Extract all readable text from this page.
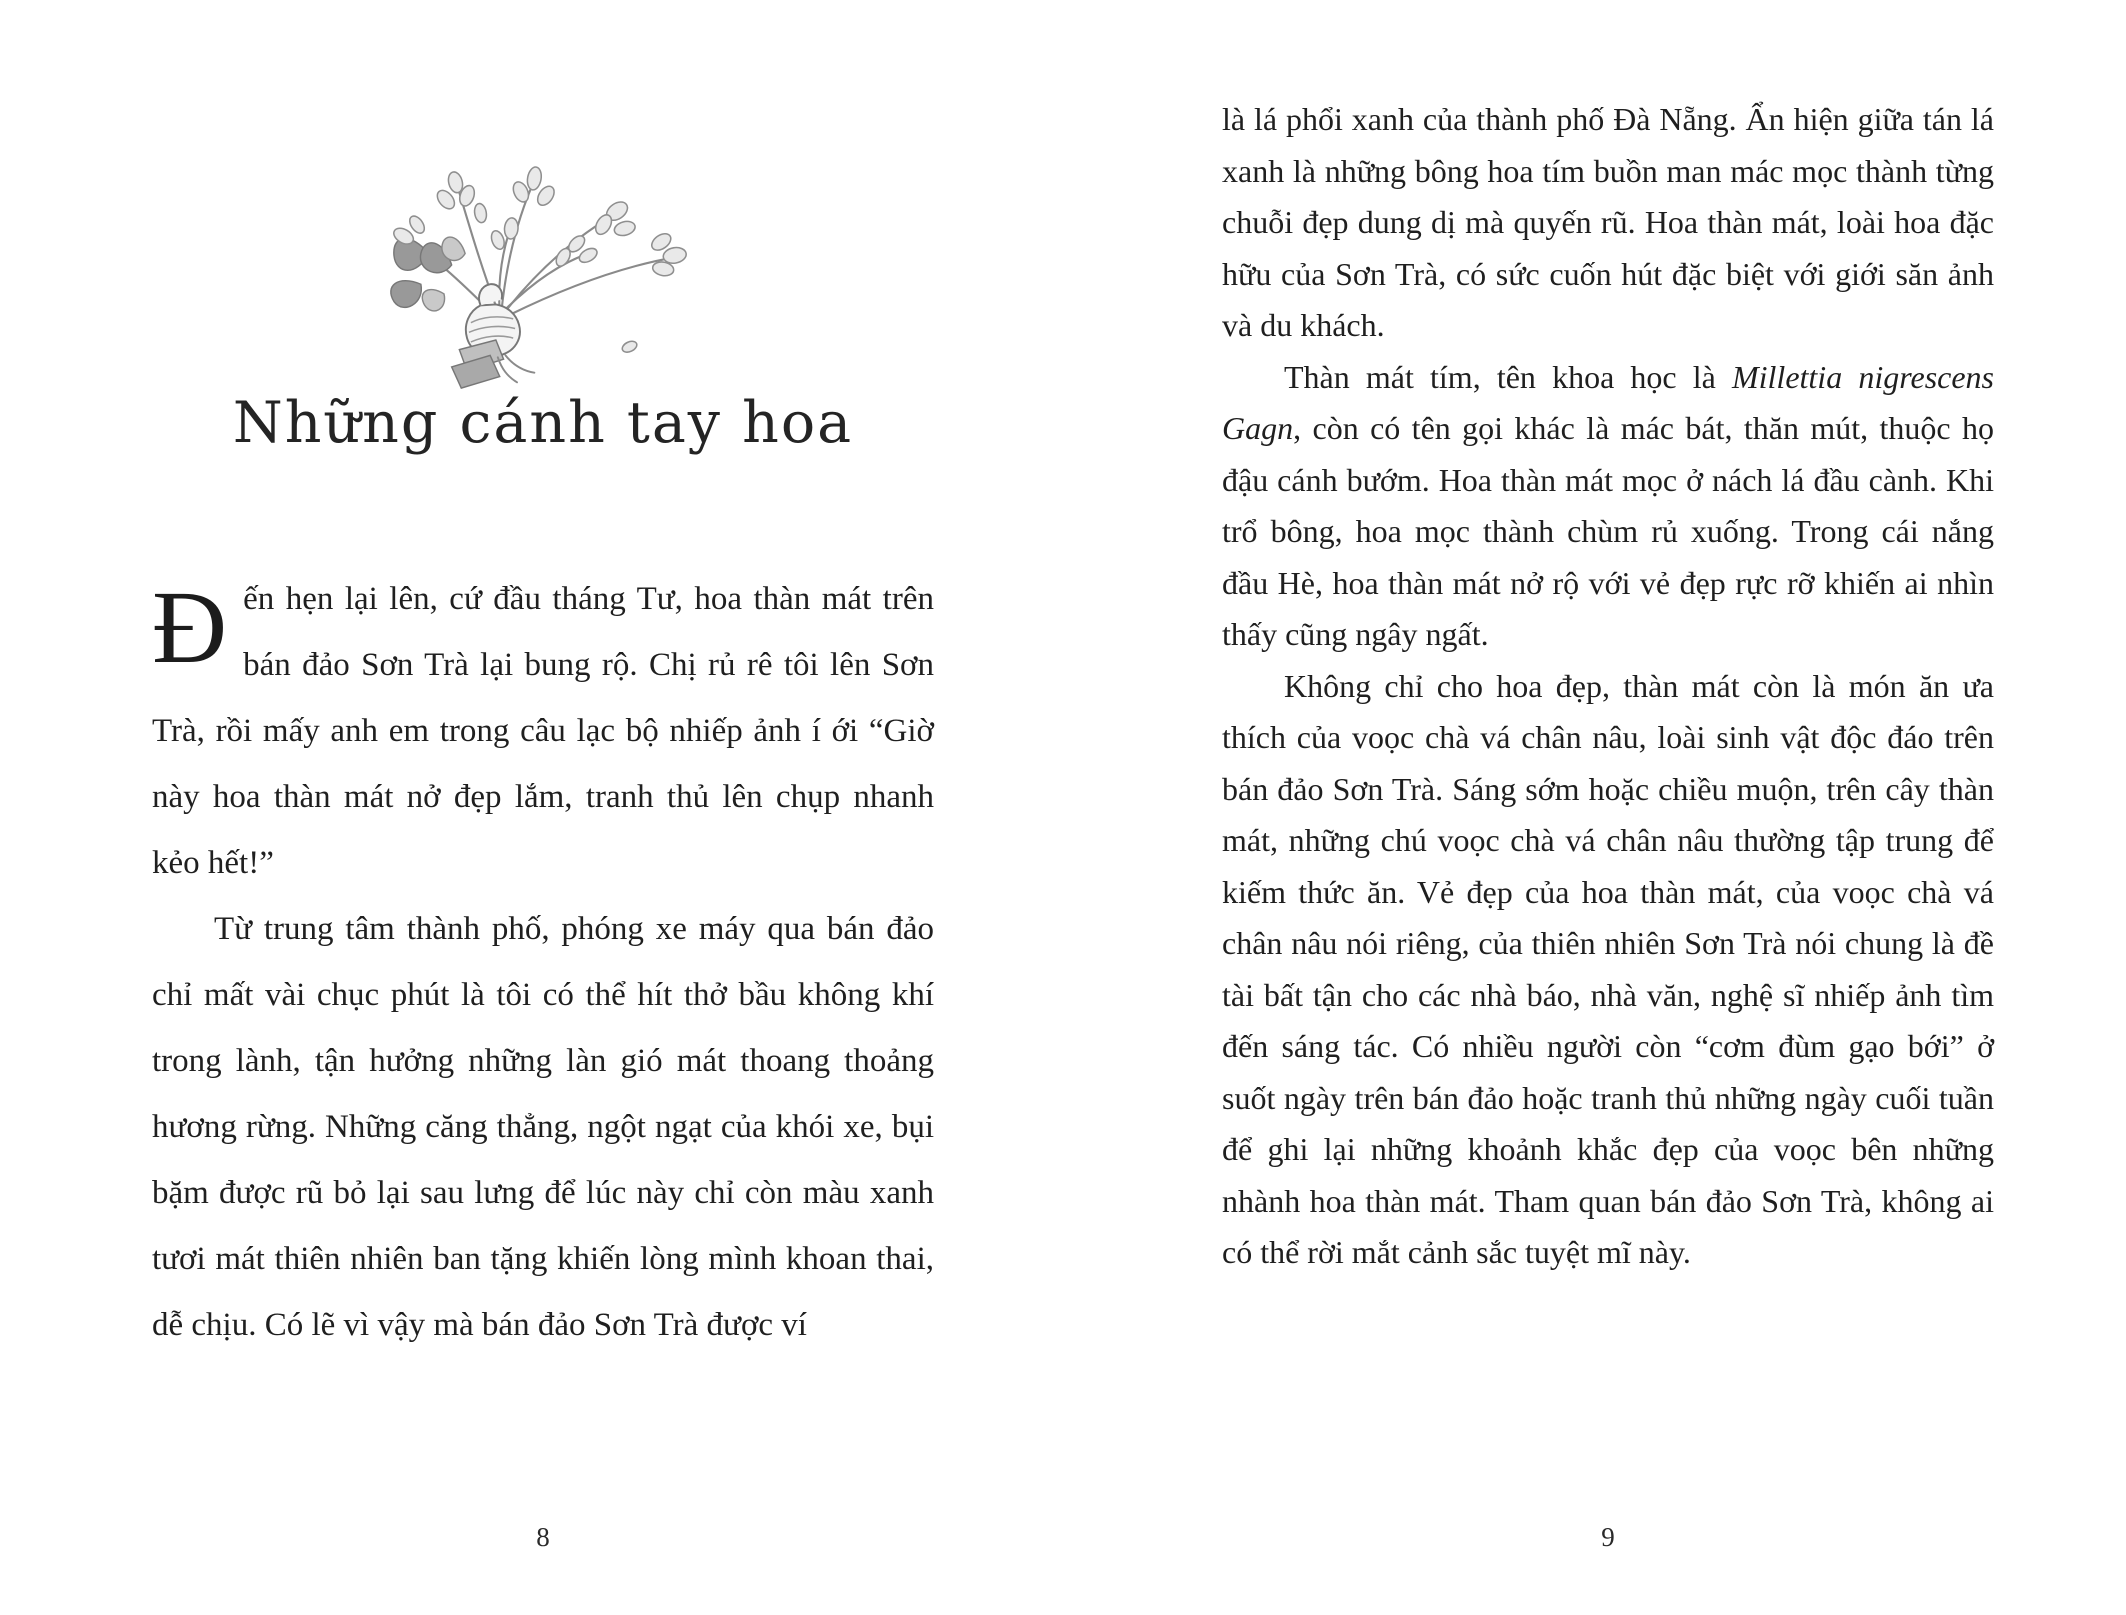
Những cánh tay hoa

Đ ến hẹn lại lên, cứ đầu tháng Tư, hoa thàn mát trên bán đảo Sơn Trà lại bung rộ. Chị rủ rê tôi lên Sơn Trà, rồi mấy anh em trong câu lạc bộ nhiếp ảnh í ới “Giờ này hoa thàn mát nở đẹp lắm, tranh thủ lên chụp nhanh kẻo hết!”

Từ trung tâm thành phố, phóng xe máy qua bán đảo chỉ mất vài chục phút là tôi có thể hít thở bầu không khí trong lành, tận hưởng những làn gió mát thoang thoảng hương rừng. Những căng thẳng, ngột ngạt của khói xe, bụi bặm được rũ bỏ lại sau lưng để lúc này chỉ còn màu xanh tươi mát thiên nhiên ban tặng khiến lòng mình khoan thai, dễ chịu. Có lẽ vì vậy mà bán đảo Sơn Trà được ví

8

là lá phổi xanh của thành phố Đà Nẵng. Ẩn hiện giữa tán lá xanh là những bông hoa tím buồn man mác mọc thành từng chuỗi đẹp dung dị mà quyến rũ. Hoa thàn mát, loài hoa đặc hữu của Sơn Trà, có sức cuốn hút đặc biệt với giới săn ảnh và du khách.

Thàn mát tím, tên khoa học là Millettia nigrescens Gagn, còn có tên gọi khác là mác bát, thăn mút, thuộc họ đậu cánh bướm. Hoa thàn mát mọc ở nách lá đầu cành. Khi trổ bông, hoa mọc thành chùm rủ xuống. Trong cái nắng đầu Hè, hoa thàn mát nở rộ với vẻ đẹp rực rỡ khiến ai nhìn thấy cũng ngây ngất.

Không chỉ cho hoa đẹp, thàn mát còn là món ăn ưa thích của voọc chà vá chân nâu, loài sinh vật độc đáo trên bán đảo Sơn Trà. Sáng sớm hoặc chiều muộn, trên cây thàn mát, những chú voọc chà vá chân nâu thường tập trung để kiếm thức ăn. Vẻ đẹp của hoa thàn mát, của voọc chà vá chân nâu nói riêng, của thiên nhiên Sơn Trà nói chung là đề tài bất tận cho các nhà báo, nhà văn, nghệ sĩ nhiếp ảnh tìm đến sáng tác. Có nhiều người còn “cơm đùm gạo bới” ở suốt ngày trên bán đảo hoặc tranh thủ những ngày cuối tuần để ghi lại những khoảnh khắc đẹp của voọc bên những nhành hoa thàn mát. Tham quan bán đảo Sơn Trà, không ai có thể rời mắt cảnh sắc tuyệt mĩ này.

9
